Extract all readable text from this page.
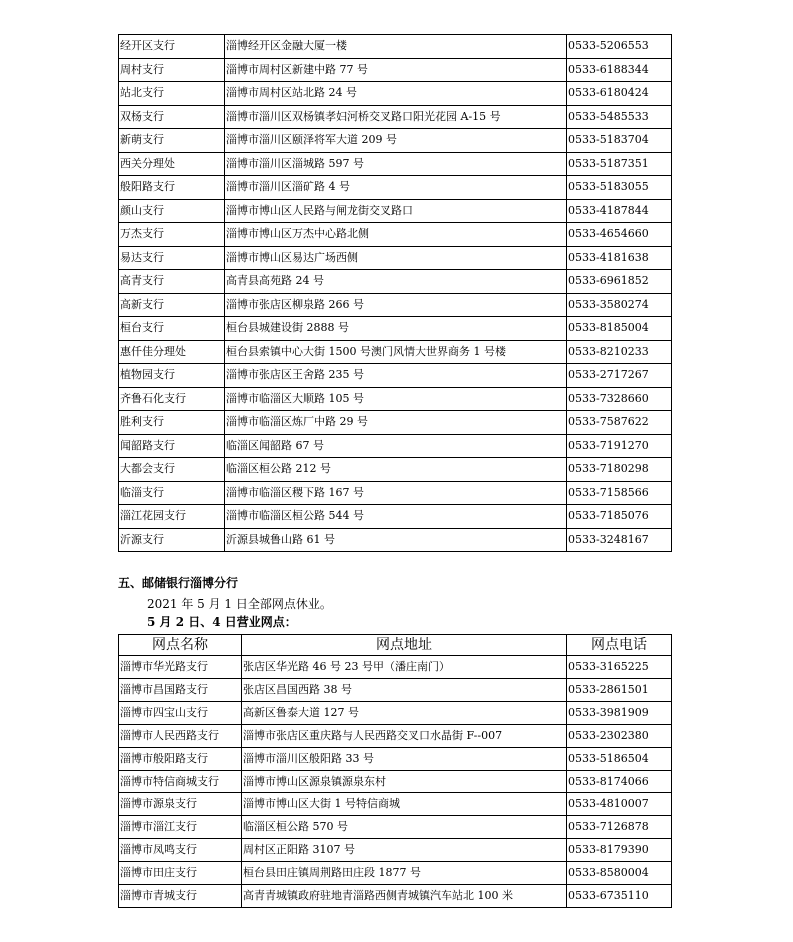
经开区支行	淄博经开区金融大厦一楼	0533-5206553
周村支行	淄博市周村区新建中路 77 号	0533-6188344
站北支行	淄博市周村区站北路 24 号	0533-6180424
双杨支行	淄博市淄川区双杨镇孝妇河桥交叉路口阳光花园 A-15 号	0533-5485533
新萌支行	淄博市淄川区颐泽将军大道 209 号	0533-5183704
西关分理处	淄博市淄川区淄城路 597 号	0533-5187351
般阳路支行	淄博市淄川区淄矿路 4 号	0533-5183055
颜山支行	淄博市博山区人民路与闸龙街交叉路口	0533-4187844
万杰支行	淄博市博山区万杰中心路北侧	0533-4654660
易达支行	淄博市博山区易达广场西侧	0533-4181638
高青支行	高青县高苑路 24 号	0533-6961852
高新支行	淄博市张店区柳泉路 266 号	0533-3580274
桓台支行	桓台县城建设街 2888 号	0533-8185004
惠仟佳分理处	桓台县索镇中心大街 1500 号澳门风情大世界商务 1 号楼	0533-8210233
植物园支行	淄博市张店区王舍路 235 号	0533-2717267
齐鲁石化支行	淄博市临淄区大顺路 105 号	0533-7328660
胜利支行	淄博市临淄区炼厂中路 29 号	0533-7587622
闻韶路支行	临淄区闻韶路 67 号	0533-7191270
大都会支行	临淄区桓公路 212 号	0533-7180298
临淄支行	淄博市临淄区稷下路 167 号	0533-7158566
淄江花园支行	淄博市临淄区桓公路 544 号	0533-7185076
沂源支行	沂源县城鲁山路 61 号	0533-3248167
五、邮储银行淄博分行
2021 年 5 月 1 日全部网点休业。
5 月 2 日、4 日营业网点：
网点名称	网点地址	网点电话
淄博市华光路支行	张店区华光路 46 号 23 号甲（潘庄南门）	0533-3165225
淄博市昌国路支行	张店区昌国西路 38 号	0533-2861501
淄博市四宝山支行	高新区鲁泰大道 127 号	0533-3981909
淄博市人民西路支行	淄博市张店区重庆路与人民西路交叉口水晶街 F--007	0533-2302380
淄博市般阳路支行	淄博市淄川区般阳路 33 号	0533-5186504
淄博市特信商城支行	淄博市博山区源泉镇源泉东村	0533-8174066
淄博市源泉支行	淄博市博山区大街 1 号特信商城	0533-4810007
淄博市淄江支行	临淄区桓公路 570 号	0533-7126878
淄博市凤鸣支行	周村区正阳路 3107 号	0533-8179390
淄博市田庄支行	桓台县田庄镇周荆路田庄段 1877 号	0533-8580004
淄博市青城支行	高青青城镇政府驻地青淄路西侧青城镇汽车站北 100 米	0533-6735110
